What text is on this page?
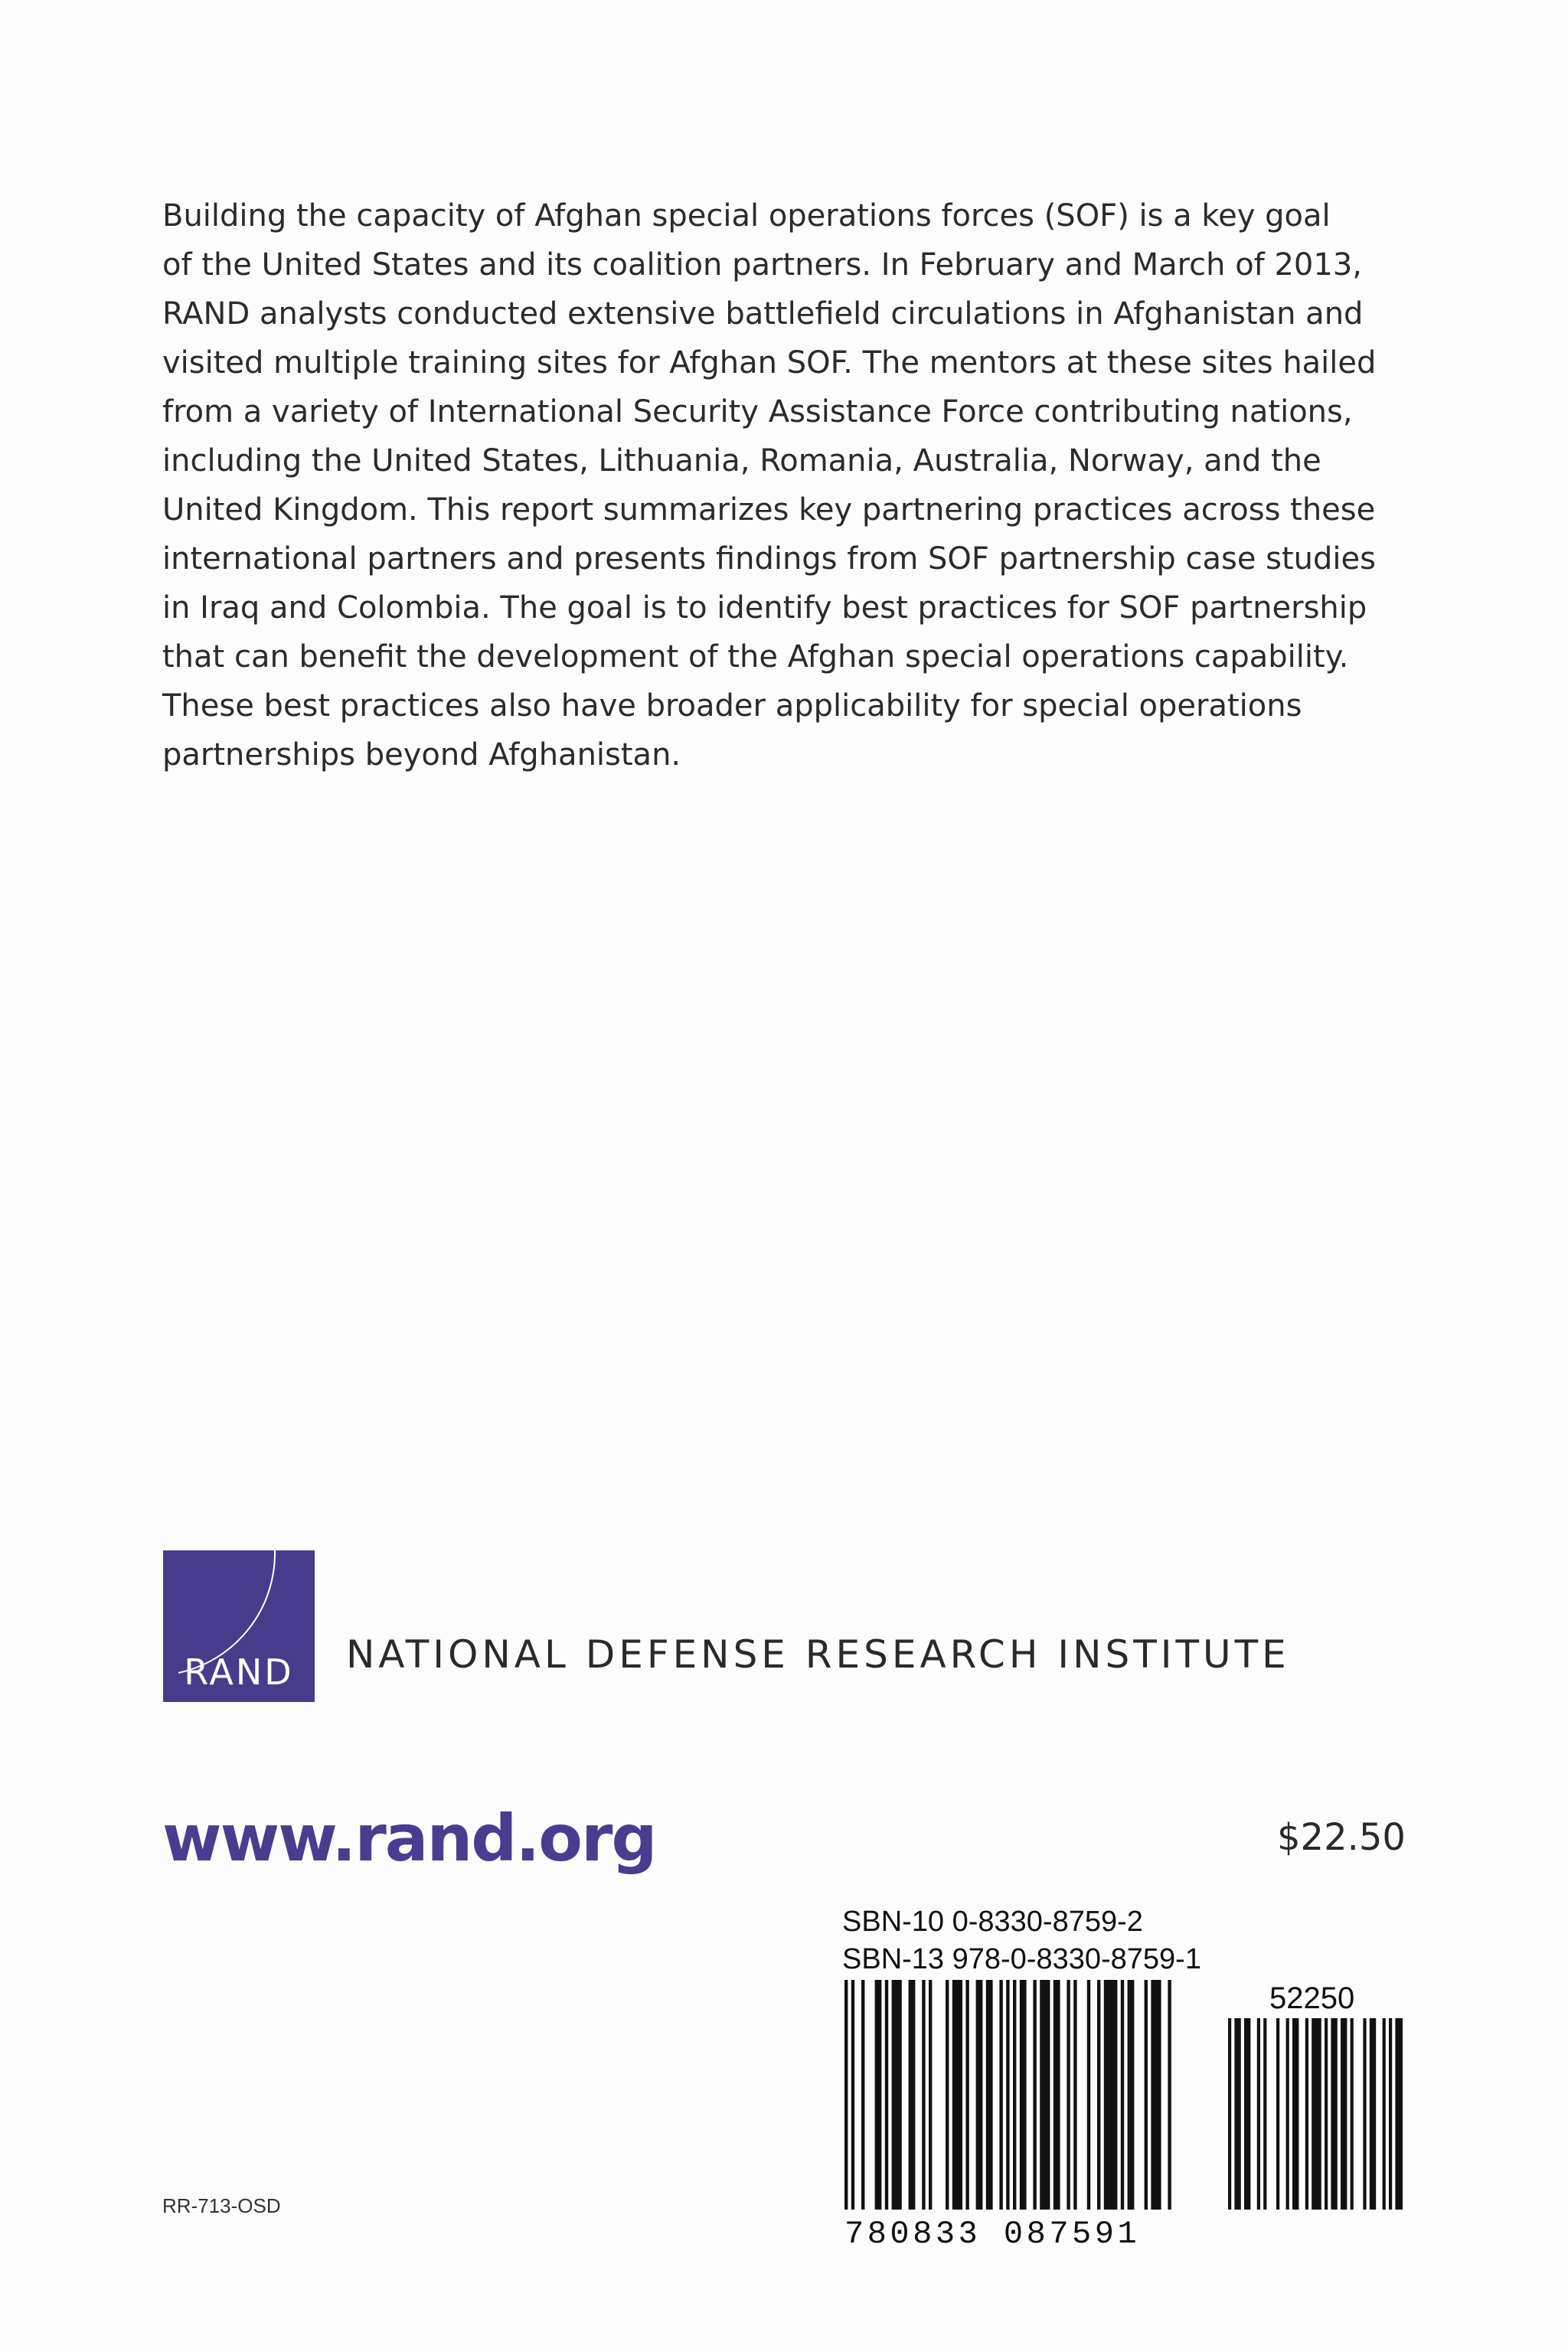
Building the capacity of Afghan special operations forces (SOF) is a key goal
of the United States and its coalition partners. In February and March of 2013,
RAND analysts conducted extensive battlefield circulations in Afghanistan and
visited multiple training sites for Afghan SOF. The mentors at these sites hailed
from a variety of International Security Assistance Force contributing nations,
including the United States, Lithuania, Romania, Australia, Norway, and the
United Kingdom. This report summarizes key partnering practices across these
international partners and presents findings from SOF partnership case studies
in Iraq and Colombia. The goal is to identify best practices for SOF partnership
that can benefit the development of the Afghan special operations capability.
These best practices also have broader applicability for special operations
partnerships beyond Afghanistan.
RAND	NATIONAL DEFENSE RESEARCH INSTITUTE
www.rand.org	$22.50
SBN-10 0-8330-8759-2
SBN-13 978-0-8330-8759-1
52250
780833 087591
RR-713-OSD
